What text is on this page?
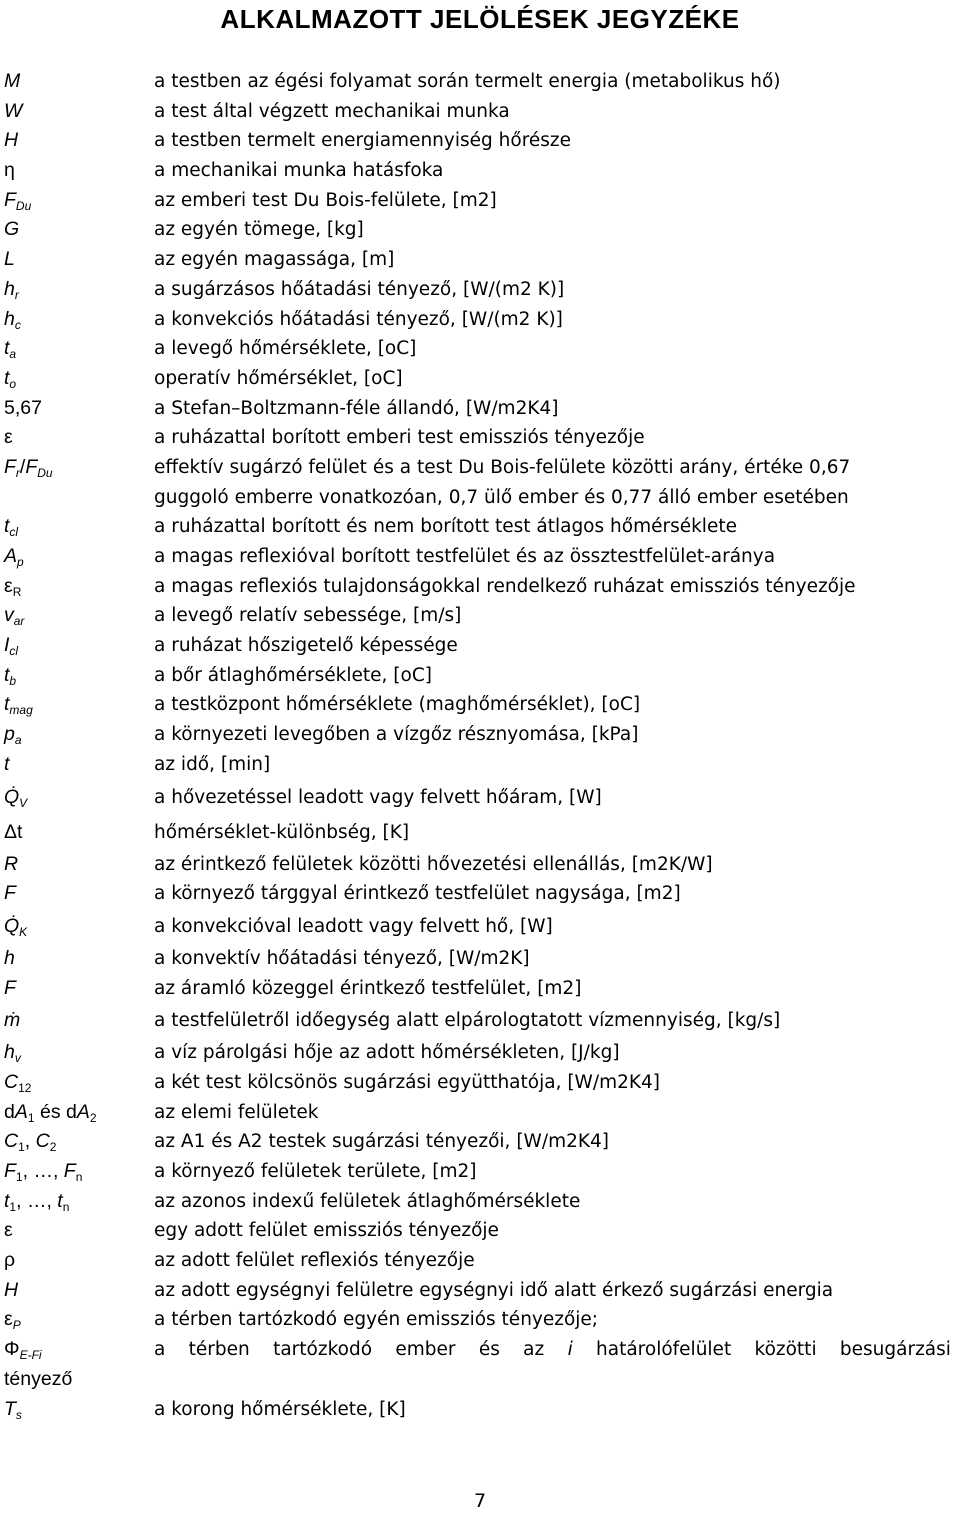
ALKALMAZOTT JELÖLÉSEK JEGYZÉKE
M	a testben az égési folyamat során termelt energia (metabolikus hő)
W	a test által végzett mechanikai munka
H	a testben termelt energiamennyiség hőrésze
η	a mechanikai munka hatásfoka
$F_{Du}$	az emberi test Du Bois-felülete, [m2]
G	az egyén tömege, [kg]
L	az egyén magassága, [m]
$h_r$	a sugárzásos hőátadási tényező, [W/(m2 K)]
$h_c$	a konvekciós hőátadási tényező, [W/(m2 K)]
$t_a$	a levegő hőmérséklete, [oC]
$t_o$	operatív hőmérséklet, [oC]
5,67	a Stefan–Boltzmann-féle állandó, [W/m2K4]
ε	a ruházattal borított emberi test emissziós tényezője
$F_r/F_{Du}$	effektív sugárzó felület és a test Du Bois-felülete közötti arány, értéke 0,67
guggoló emberre vonatkozóan, 0,7 ülő ember és 0,77 álló ember esetében
$t_{cl}$	a ruházattal borított és nem borított test átlagos hőmérséklete
$A_p$	a magas reflexióval borított testfelület és az össztestfelület-aránya
$\varepsilon_R$	a magas reflexiós tulajdonságokkal rendelkező ruházat emissziós tényezője
$v_{ar}$	a levegő relatív sebessége, [m/s]
$I_{cl}$	a ruházat hőszigetelő képessége
$t_b$	a bőr átlaghőmérséklete, [oC]
$t_{mag}$	a testközpont hőmérséklete (maghőmérséklet), [oC]
$p_a$	a környezeti levegőben a vízgőz résznyomása, [kPa]
t	az idő, [min]
$Q̇_V$	a hővezetéssel leadott vagy felvett hőáram, [W]
Δt	hőmérséklet-különbség, [K]
R	az érintkező felületek közötti hővezetési ellenállás, [m2K/W]
F	a környező tárggyal érintkező testfelület nagysága, [m2]
$Q̇_K$	a konvekcióval leadott vagy felvett hő, [W]
h	a konvektív hőátadási tényező, [W/m2K]
F	az áramló közeggel érintkező testfelület, [m2]
ṁ	a testfelületről időegység alatt elpárologtatott vízmennyiség, [kg/s]
$h_v$	a víz párolgási hője az adott hőmérsékleten, [J/kg]
$C_{12}$	a két test kölcsönös sugárzási együtthatója, [W/m2K4]
$dA_1$ és $dA_2$	az elemi felületek
$C_1$, $C_2$	az A1 és A2 testek sugárzási tényezői, [W/m2K4]
$F_1$, …, $F_n$	a környező felületek területe, [m2]
$t_1$, …, $t_n$	az azonos indexű felületek átlaghőmérséklete
ε	egy adott felület emissziós tényezője
ρ	az adott felület reflexiós tényezője
H	az adott egységnyi felületre egységnyi idő alatt érkező sugárzási energia
$\varepsilon_P$	a térben tartózkodó egyén emissziós tényezője;
$\Phi_{E-Fi}$	a térben tartózkodó ember és az i határolófelület közötti besugárzási
tényező
$T_s$	a korong hőmérséklete, [K]
7
